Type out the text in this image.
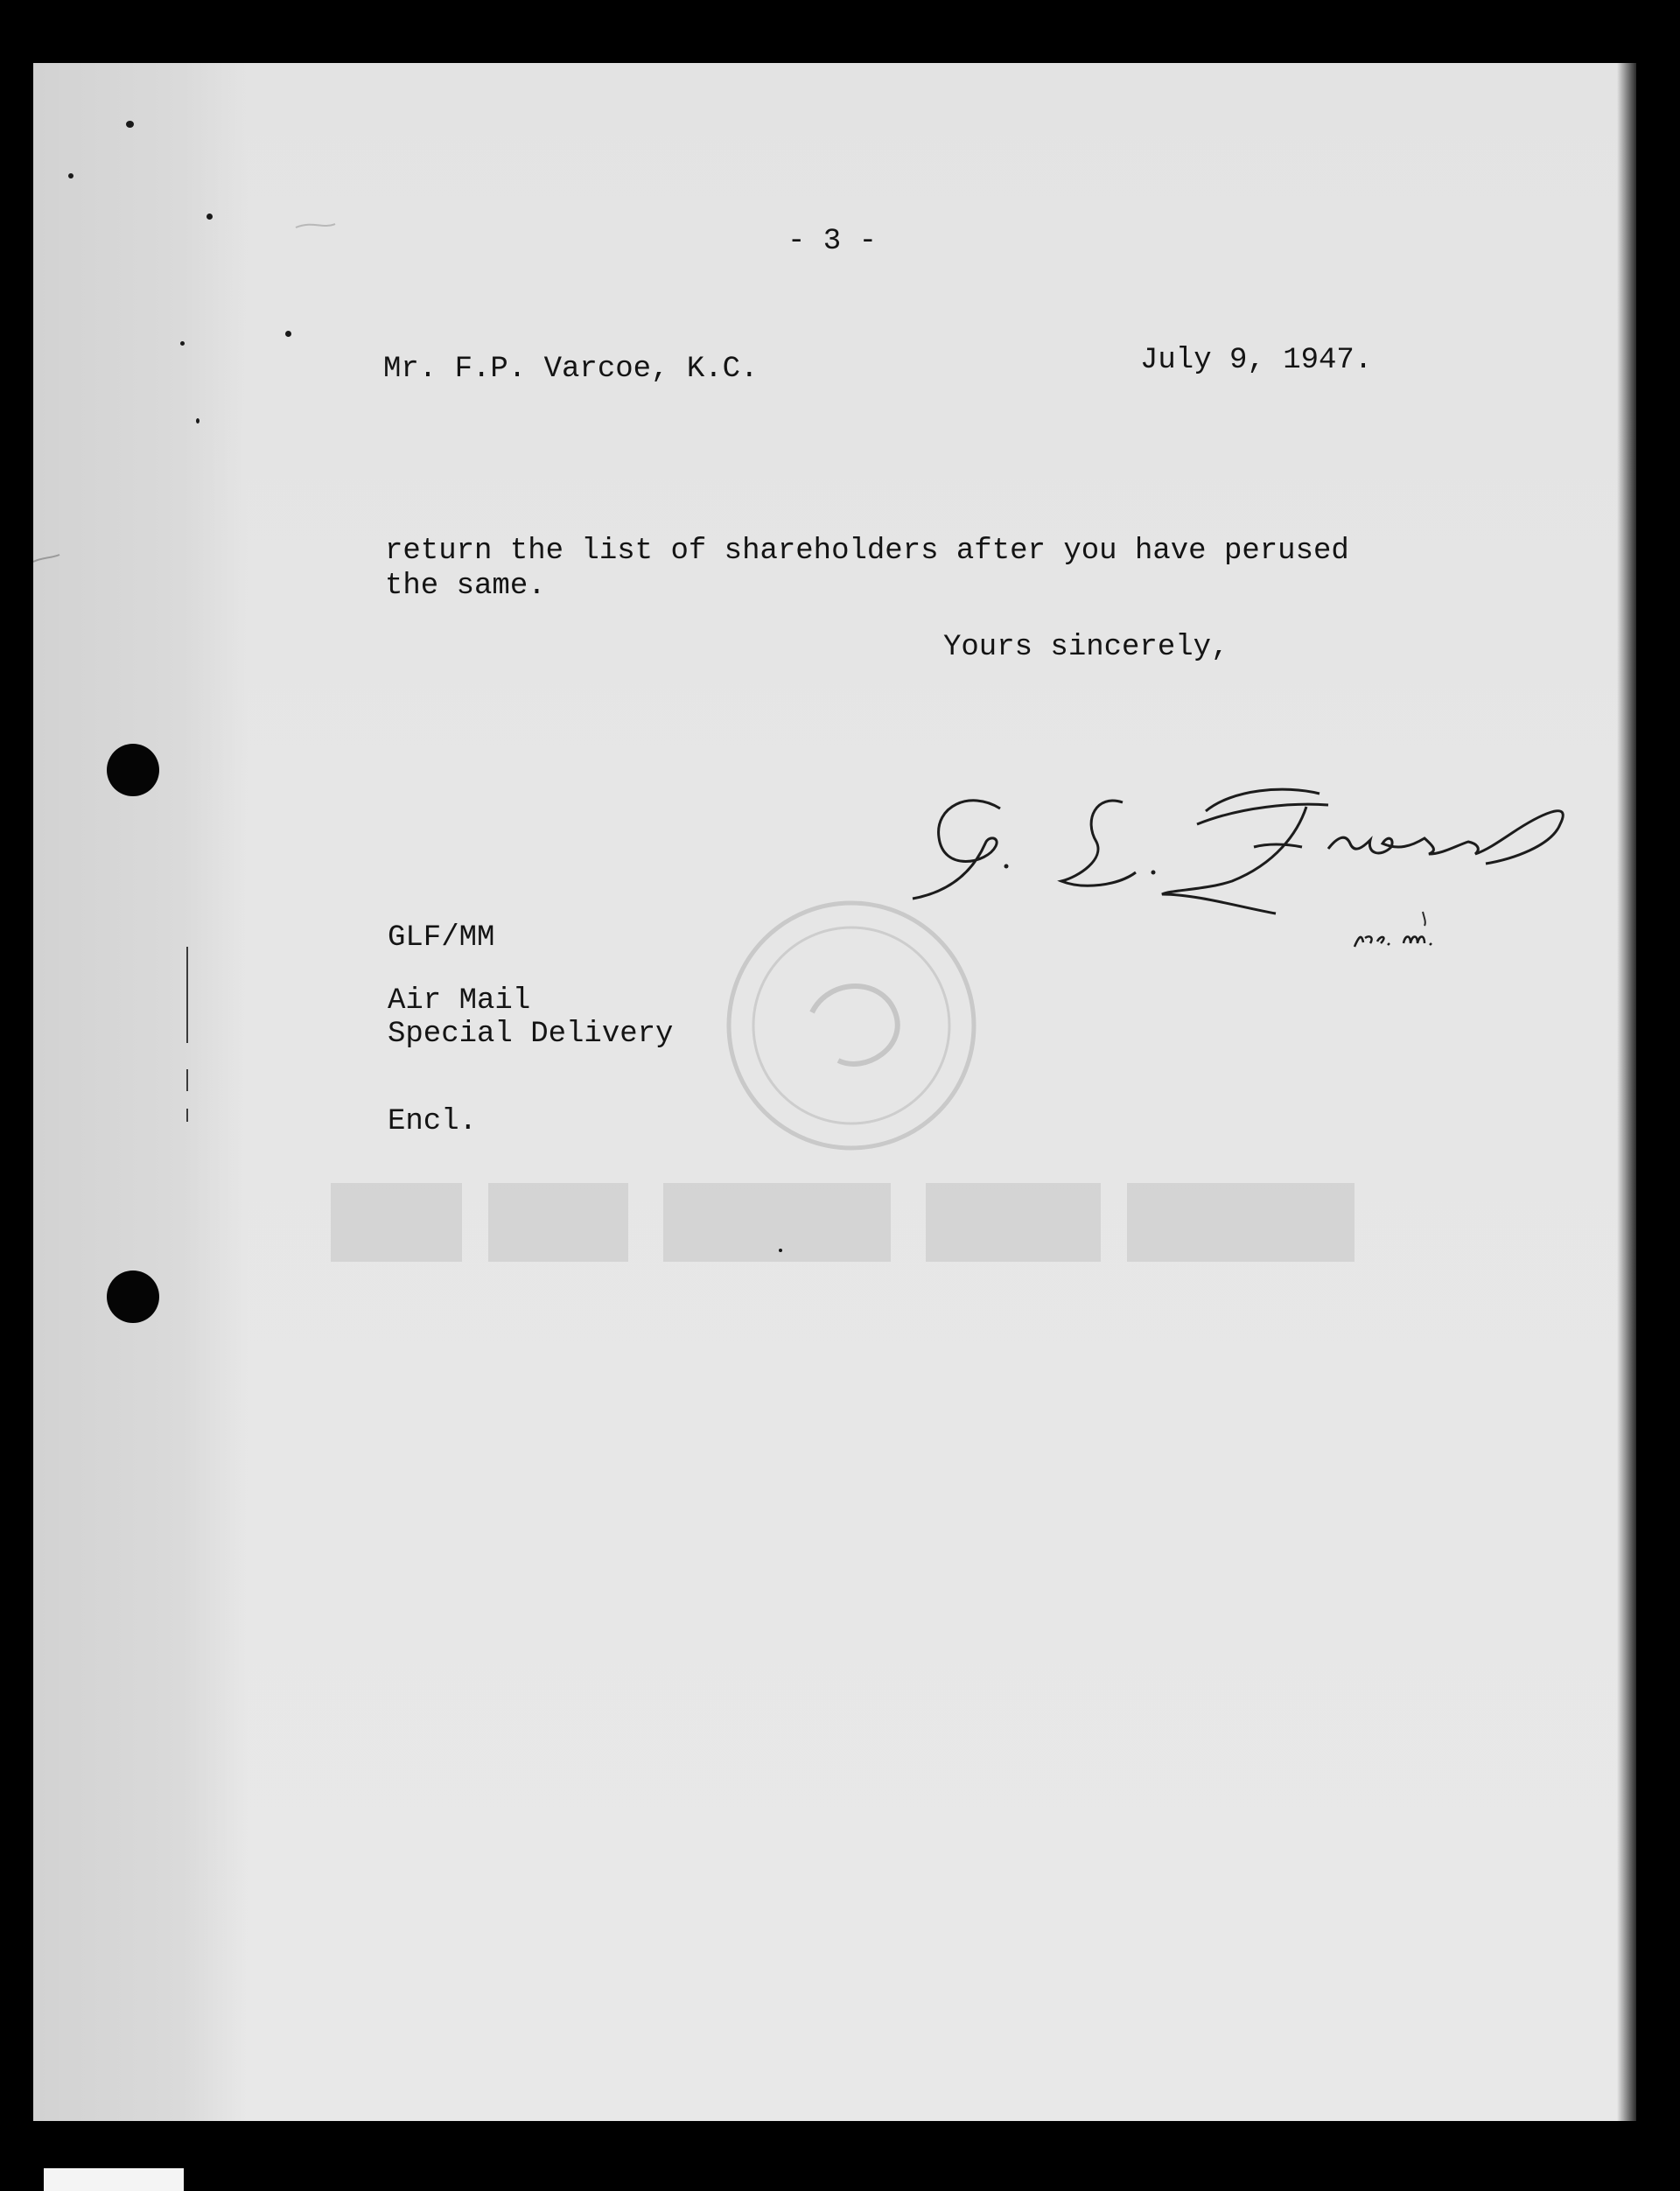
- 3 -
Mr. F.P. Varcoe, K.C.	July 9, 1947.
return the list of shareholders after you have perused
the same.
Yours sincerely,
GLF/MM
Air Mail
Special Delivery
Encl.
